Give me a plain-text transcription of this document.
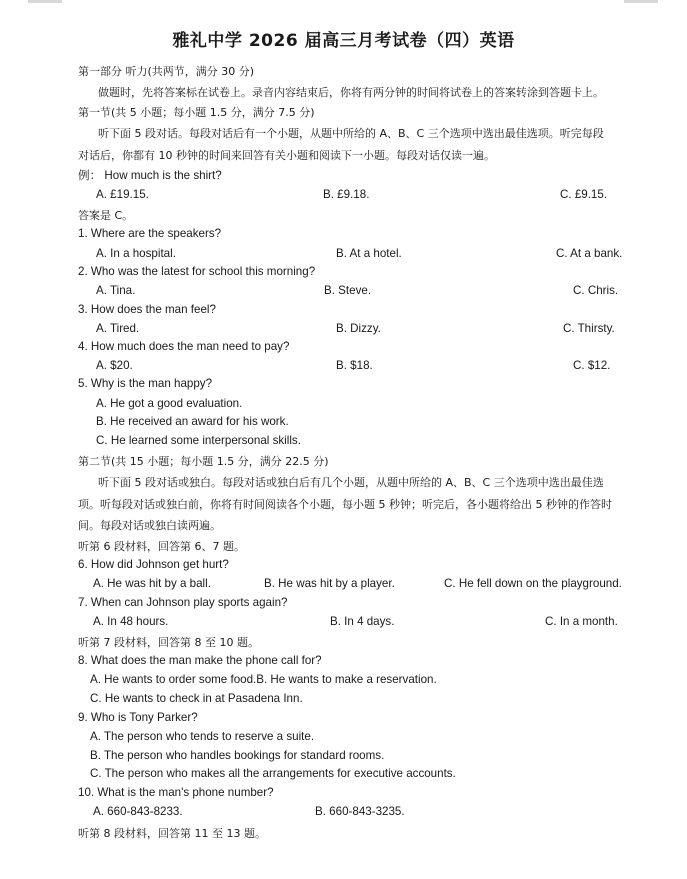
雅礼中学 2026 届高三月考试卷（四）英语
第一部分 听力(共两节，满分 30 分)
做题时，先将答案标在试卷上。录音内容结束后，你将有两分钟的时间将试卷上的答案转涂到答题卡上。
第一节(共 5 小题；每小题 1.5 分，满分 7.5 分)
听下面 5 段对话。每段对话后有一个小题，从题中所给的 A、B、C 三个选项中选出最佳选项。听完每段
对话后，你都有 10 秒钟的时间来回答有关小题和阅读下一小题。每段对话仅读一遍。
例： How much is the shirt?
A. £19.15.	B. £9.18.	C. £9.15.
答案是 C。
1. Where are the speakers?
A. In a hospital.	B. At a hotel.	C. At a bank.
2. Who was the latest for school this morning?
A. Tina.	B. Steve.	C. Chris.
3. How does the man feel?
A. Tired.	B. Dizzy.	C. Thirsty.
4. How much does the man need to pay?
A. $20.	B. $18.	C. $12.
5. Why is the man happy?
A. He got a good evaluation.
B. He received an award for his work.
C. He learned some interpersonal skills.
第二节(共 15 小题；每小题 1.5 分，满分 22.5 分)
听下面 5 段对话或独白。每段对话或独白后有几个小题，从题中所给的 A、B、C 三个选项中选出最佳选
项。听每段对话或独白前，你将有时间阅读各个小题，每小题 5 秒钟；听完后，各小题将给出 5 秒钟的作答时
间。每段对话或独白读两遍。
听第 6 段材料，回答第 6、7 题。
6. How did Johnson get hurt?
A. He was hit by a ball.	B. He was hit by a player.	C. He fell down on the playground.
7. When can Johnson play sports again?
A. In 48 hours.	B. In 4 days.	C. In a month.
听第 7 段材料，回答第 8 至 10 题。
8. What does the man make the phone call for?
A. He wants to order some food.B. He wants to make a reservation.
C. He wants to check in at Pasadena Inn.
9. Who is Tony Parker?
A. The person who tends to reserve a suite.
B. The person who handles bookings for standard rooms.
C. The person who makes all the arrangements for executive accounts.
10. What is the man's phone number?
A. 660-843-8233.	B. 660-843-3235.
听第 8 段材料，回答第 11 至 13 题。
